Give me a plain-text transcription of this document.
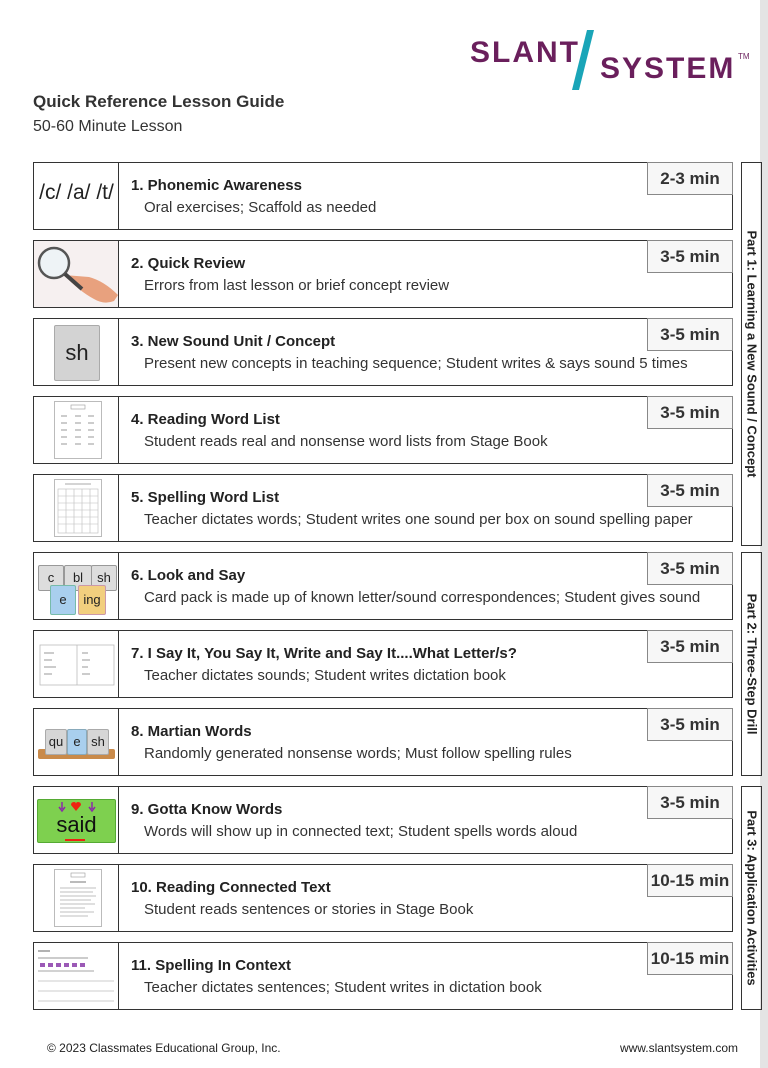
SLANT SYSTEM TM
Quick Reference Lesson Guide
50-60 Minute Lesson
/c/ /a/ /t/	1. Phonemic Awareness
Oral exercises; Scaffold as needed
2-3 min
2. Quick Review
Errors from last lesson or brief concept review
3-5 min
sh	3. New Sound Unit / Concept
Present new concepts in teaching sequence; Student writes & says sound 5 times
3-5 min
4. Reading Word List
Student reads real and nonsense word lists from Stage Book
3-5 min
5. Spelling Word List
Teacher dictates words; Student writes one sound per box on sound spelling paper
3-5 min
c	bl	sh
e	ing
6. Look and Say
Card pack is made up of known letter/sound correspondences; Student gives sound
3-5 min
7. I Say It, You Say It, Write and Say It....What Letter/s?
Teacher dictates sounds; Student writes dictation book
3-5 min
qu e sh
8. Martian Words
Randomly generated nonsense words; Must follow spelling rules
3-5 min
said
9. Gotta Know Words
Words will show up in connected text; Student spells words aloud
3-5 min
10. Reading Connected Text
Student reads sentences or stories in Stage Book
10-15 min
11. Spelling In Context
Teacher dictates sentences; Student writes in dictation book
10-15 min
Part 1: Learning a New Sound / Concept
Part 2: Three-Step Drill
Part 3: Application Activities
© 2023 Classmates Educational Group, Inc.	www.slantsystem.com
